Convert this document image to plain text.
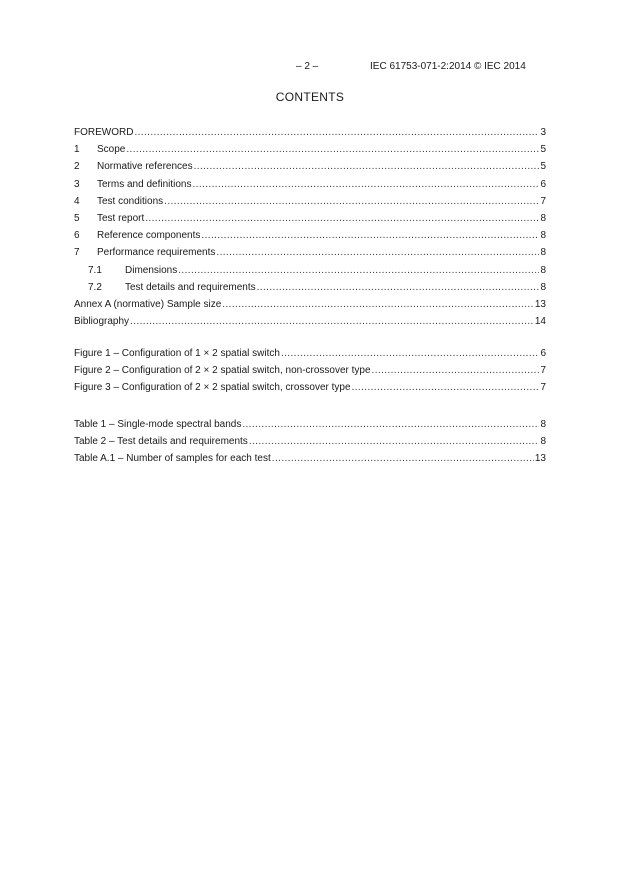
– 2 –	IEC 61753-071-2:2014 © IEC 2014
CONTENTS
FOREWORD .....	3
1	Scope .....	5
2	Normative references .....	5
3	Terms and definitions .....	6
4	Test conditions .....	7
5	Test report .....	8
6	Reference components .....	8
7	Performance requirements .....	8
7.1	Dimensions .....	8
7.2	Test details and requirements .....	8
Annex A (normative) Sample size .....	13
Bibliography .....	14
Figure 1 – Configuration of 1 × 2 spatial switch .....	6
Figure 2 – Configuration of 2 × 2 spatial switch, non-crossover type .....	7
Figure 3 – Configuration of 2 × 2 spatial switch, crossover type .....	7
Table 1 – Single-mode spectral bands .....	8
Table 2 – Test details and requirements .....	8
Table A.1 – Number of samples for each test .....	13
